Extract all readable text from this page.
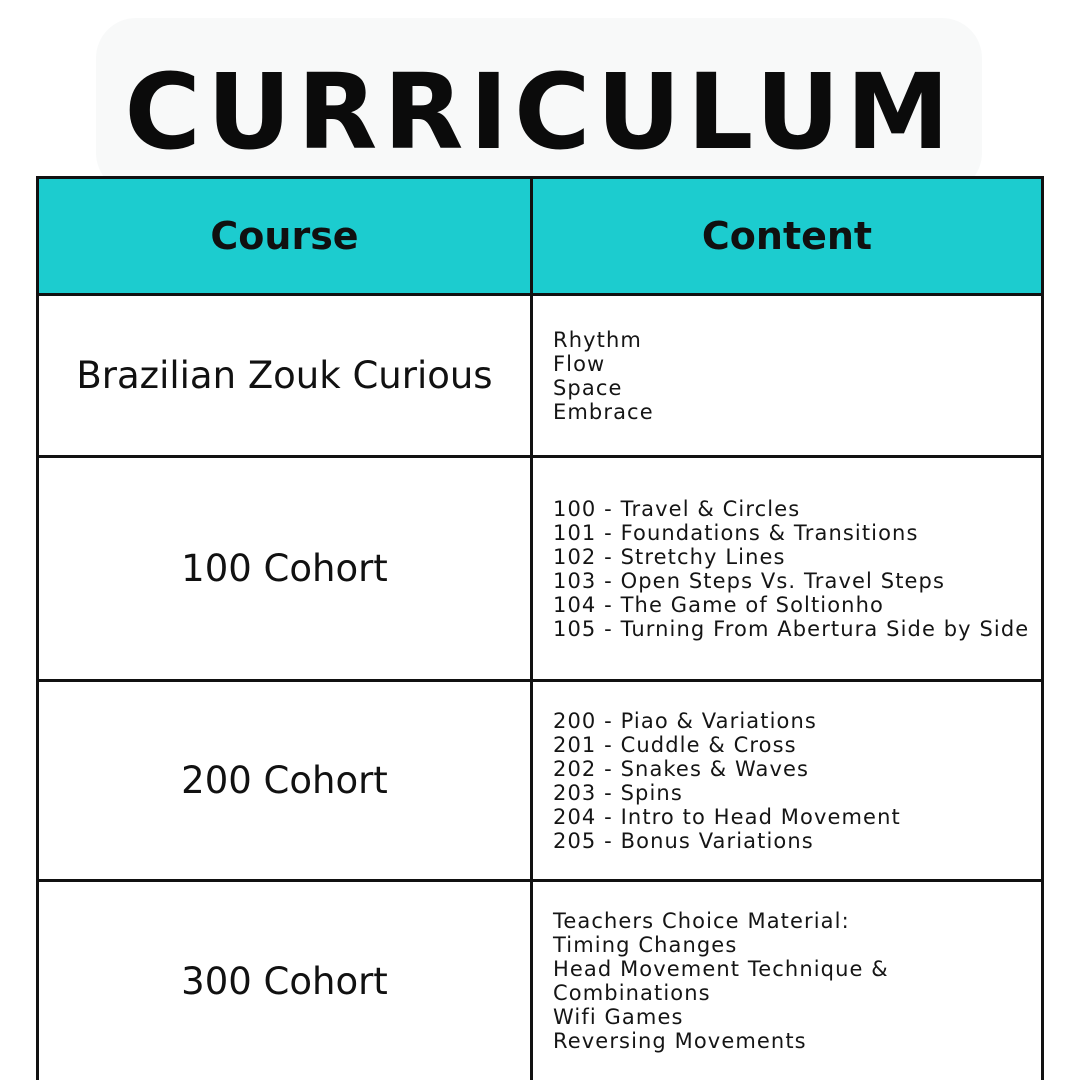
CURRICULUM
Course	Content
Brazilian Zouk Curious
Rhythm
Flow
Space
Embrace
100 Cohort
100 - Travel & Circles
101 - Foundations & Transitions
102 - Stretchy Lines
103 - Open Steps Vs. Travel Steps
104 - The Game of Soltionho
105 - Turning From Abertura Side by Side
200 Cohort
200 - Piao & Variations
201 - Cuddle & Cross
202 - Snakes & Waves
203 - Spins
204 - Intro to Head Movement
205 - Bonus Variations
300 Cohort
Teachers Choice Material:
Timing Changes
Head Movement Technique &
Combinations
Wifi Games
Reversing Movements
